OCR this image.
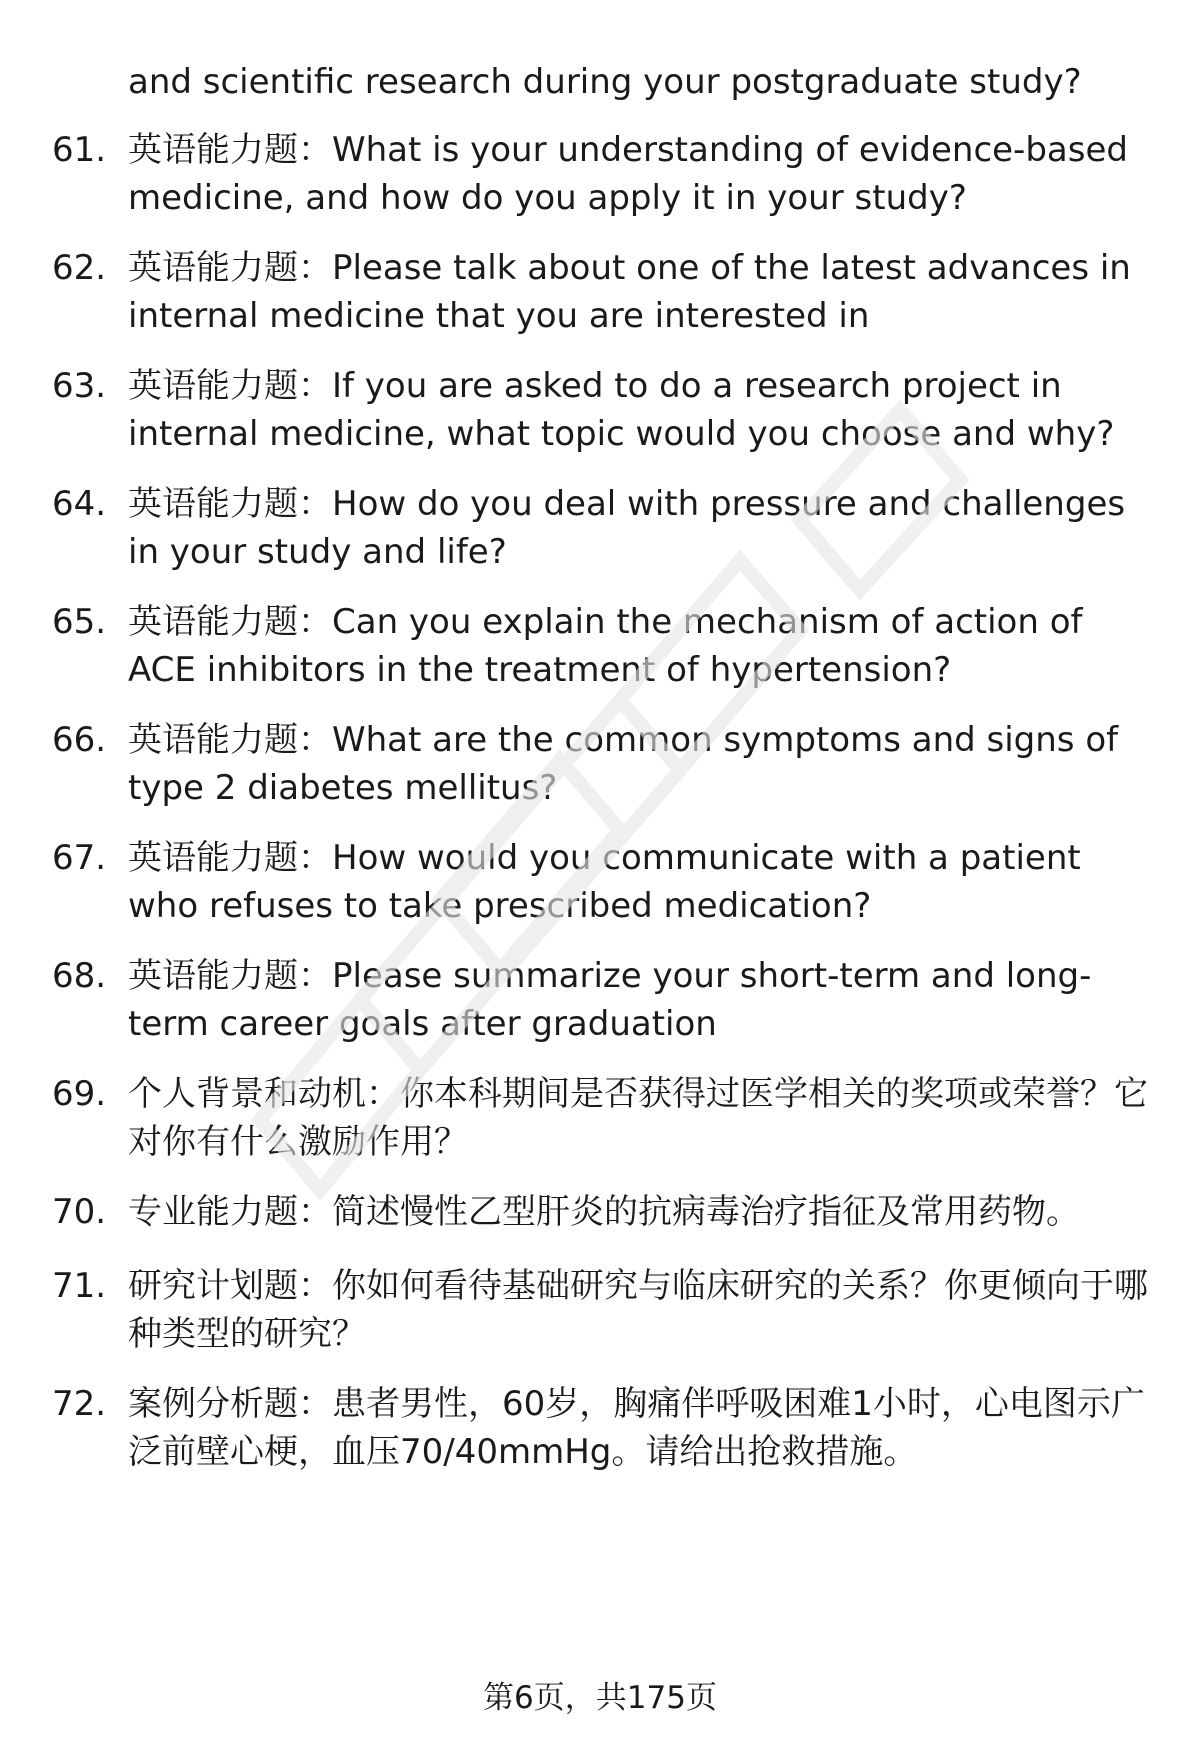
and scientific research during your postgraduate study?
61. 英语能力题：What is your understanding of evidence-based medicine, and how do you apply it in your study?
62. 英语能力题：Please talk about one of the latest advances in internal medicine that you are interested in
63. 英语能力题：If you are asked to do a research project in internal medicine, what topic would you choose and why?
64. 英语能力题：How do you deal with pressure and challenges in your study and life?
65. 英语能力题：Can you explain the mechanism of action of ACE inhibitors in the treatment of hypertension?
66. 英语能力题：What are the common symptoms and signs of type 2 diabetes mellitus?
67. 英语能力题：How would you communicate with a patient who refuses to take prescribed medication?
68. 英语能力题：Please summarize your short-term and long-term career goals after graduation
69. 个人背景和动机：你本科期间是否获得过医学相关的奖项或荣誉？它对你有什么激励作用？
70. 专业能力题：简述慢性乙型肝炎的抗病毒治疗指征及常用药物。
71. 研究计划题：你如何看待基础研究与临床研究的关系？你更倾向于哪种类型的研究？
72. 案例分析题：患者男性，60岁，胸痛伴呼吸困难1小时，心电图示广泛前壁心梗，血压70/40mmHg。请给出抢救措施。
第6页，共175页
